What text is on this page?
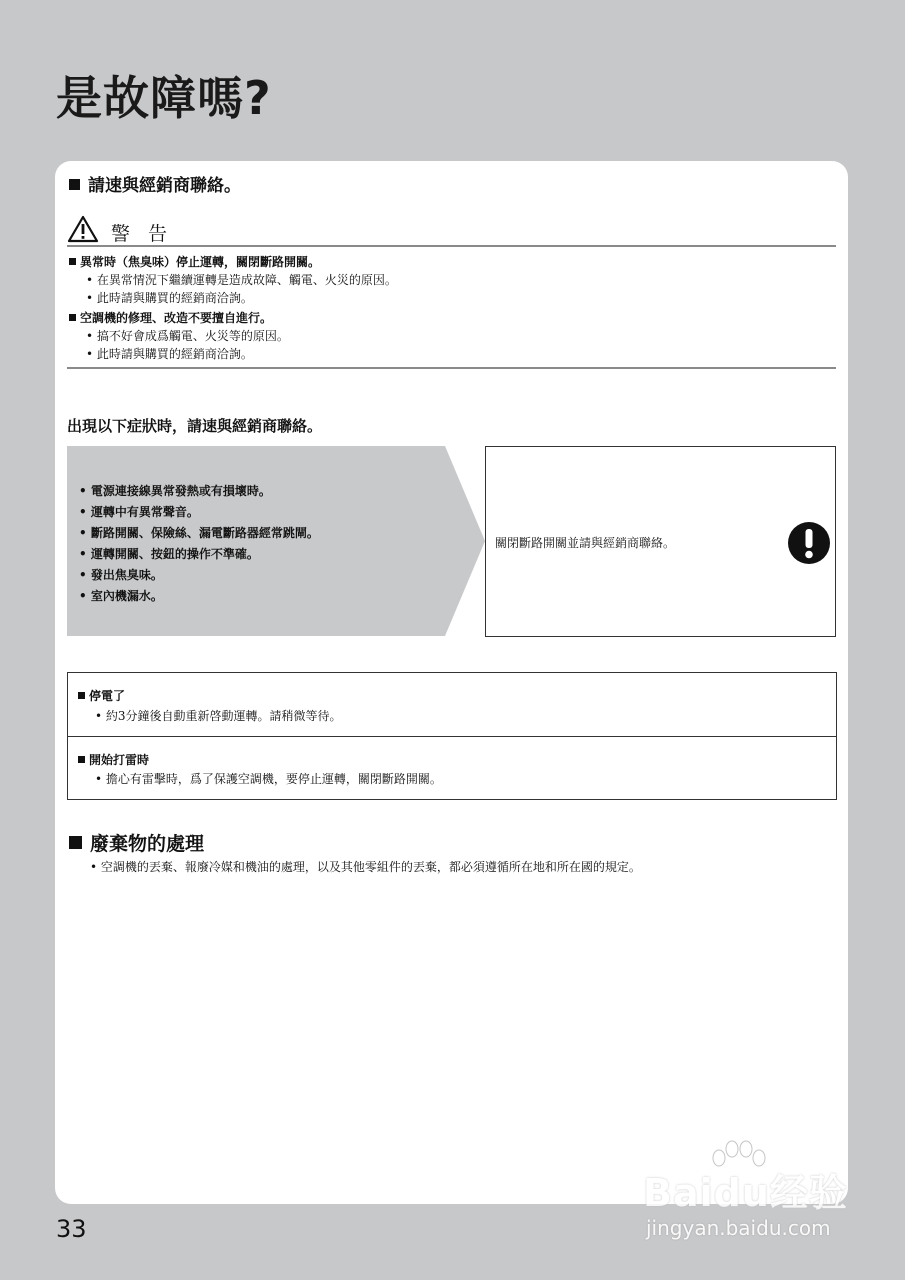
是故障嗎?
請速與經銷商聯絡。
警告
異常時（焦臭味）停止運轉，關閉斷路開關。
• 在異常情況下繼續運轉是造成故障、觸電、火災的原因。
• 此時請與購買的經銷商洽詢。
空調機的修理、改造不要擅自進行。
• 搞不好會成爲觸電、火災等的原因。
• 此時請與購買的經銷商洽詢。
出現以下症狀時，請速與經銷商聯絡。
• 電源連接線異常發熱或有損壞時。
• 運轉中有異常聲音。
• 斷路開關、保險絲、漏電斷路器經常跳閘。
• 運轉開關、按鈕的操作不準確。
• 發出焦臭味。
• 室內機漏水。
關閉斷路開關並請與經銷商聯絡。
停電了
• 約3分鐘後自動重新啓動運轉。請稍微等待。
開始打雷時
• 擔心有雷擊時，爲了保護空調機，要停止運轉，關閉斷路開關。
廢棄物的處理
• 空調機的丟棄、報廢冷媒和機油的處理，以及其他零組件的丟棄，都必須遵循所在地和所在國的規定。
33
Baidu经验
jingyan.baidu.com
